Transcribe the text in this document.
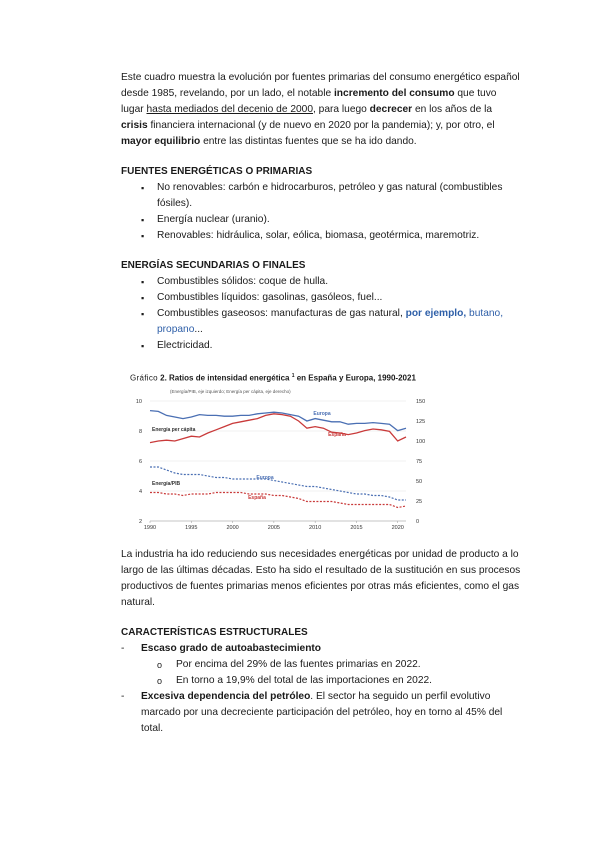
Este cuadro muestra la evolución por fuentes primarias del consumo energético español desde 1985, revelando, por un lado, el notable incremento del consumo que tuvo lugar hasta mediados del decenio de 2000, para luego decrecer en los años de la crisis financiera internacional (y de nuevo en 2020 por la pandemia); y, por otro, el mayor equilibrio entre las distintas fuentes que se ha ido dando.

FUENTES ENERGÉTICAS O PRIMARIAS

▪ No renovables: carbón e hidrocarburos, petróleo y gas natural (combustibles fósiles).
▪ Energía nuclear (uranio).
▪ Renovables: hidráulica, solar, eólica, biomasa, geotérmica, maremotriz.

ENERGÍAS SECUNDARIAS O FINALES

▪ Combustibles sólidos: coque de hulla.
▪ Combustibles líquidos: gasolinas, gasóleos, fuel...
▪ Combustibles gaseosos: manufacturas de gas natural, por ejemplo, butano, propano...
▪ Electricidad.
Gráfico 2. Ratios de intensidad energética $^1$ en España y Europa, 1990-2021
(Energía/PIB, eje izquierdo; Energía per cápita, eje derecho)
2
4
6
8
10
0
25
50
75
100
125
150
1990	1995	2000	2005	2010	2015	2020
Energía per cápita
Energía/PIB
Europa
España
Europa
España

La industria ha ido reduciendo sus necesidades energéticas por unidad de producto a lo largo de las últimas décadas. Esto ha sido el resultado de la sustitución en sus procesos productivos de fuentes primarias menos eficientes por otras más eficientes, como el gas natural.

CARACTERÍSTICAS ESTRUCTURALES

- Escaso grado de autoabastecimiento
o Por encima del 29% de las fuentes primarias en 2022.
o En torno a 19,9% del total de las importaciones en 2022.
- Excesiva dependencia del petróleo. El sector ha seguido un perfil evolutivo marcado por una decreciente participación del petróleo, hoy en torno al 45% del total.
